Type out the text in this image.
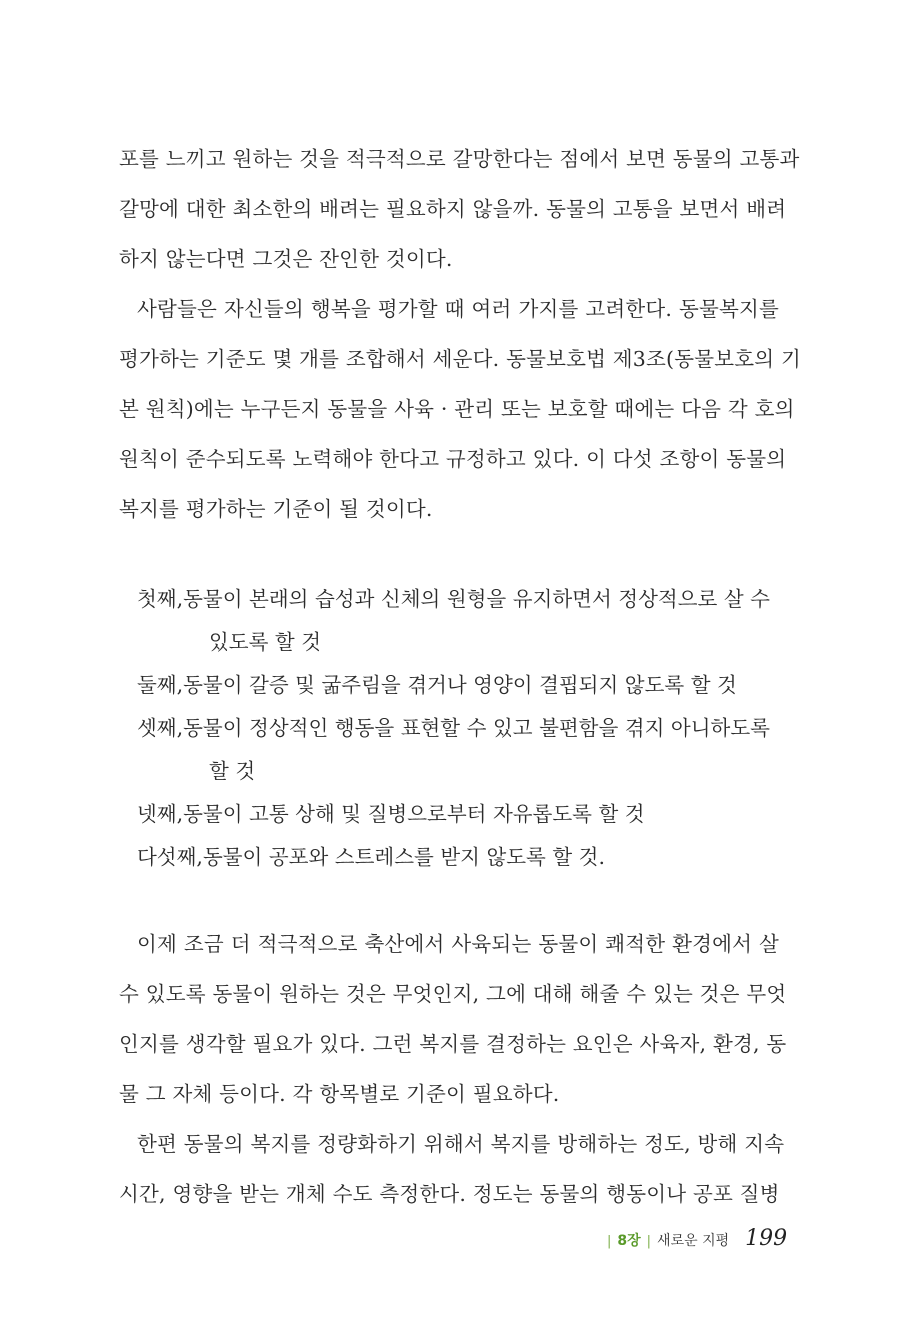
포를 느끼고 원하는 것을 적극적으로 갈망한다는 점에서 보면 동물의 고통과
갈망에 대한 최소한의 배려는 필요하지 않을까. 동물의 고통을 보면서 배려
하지 않는다면 그것은 잔인한 것이다.
사람들은 자신들의 행복을 평가할 때 여러 가지를 고려한다. 동물복지를
평가하는 기준도 몇 개를 조합해서 세운다. 동물보호법 제3조(동물보호의 기
본 원칙)에는 누구든지 동물을 사육 · 관리 또는 보호할 때에는 다음 각 호의
원칙이 준수되도록 노력해야 한다고 규정하고 있다. 이 다섯 조항이 동물의
복지를 평가하는 기준이 될 것이다.
첫째, 동물이 본래의 습성과 신체의 원형을 유지하면서 정상적으로 살 수
있도록 할 것
둘째, 동물이 갈증 및 굶주림을 겪거나 영양이 결핍되지 않도록 할 것
셋째, 동물이 정상적인 행동을 표현할 수 있고 불편함을 겪지 아니하도록
할 것
넷째, 동물이 고통 상해 및 질병으로부터 자유롭도록 할 것
다섯째, 동물이 공포와 스트레스를 받지 않도록 할 것.
이제 조금 더 적극적으로 축산에서 사육되는 동물이 쾌적한 환경에서 살
수 있도록 동물이 원하는 것은 무엇인지, 그에 대해 해줄 수 있는 것은 무엇
인지를 생각할 필요가 있다. 그런 복지를 결정하는 요인은 사육자, 환경, 동
물 그 자체 등이다. 각 항목별로 기준이 필요하다.
한편 동물의 복지를 정량화하기 위해서 복지를 방해하는 정도, 방해 지속
시간, 영향을 받는 개체 수도 측정한다. 정도는 동물의 행동이나 공포 질병
| 8장 | 새로운 지평 199
